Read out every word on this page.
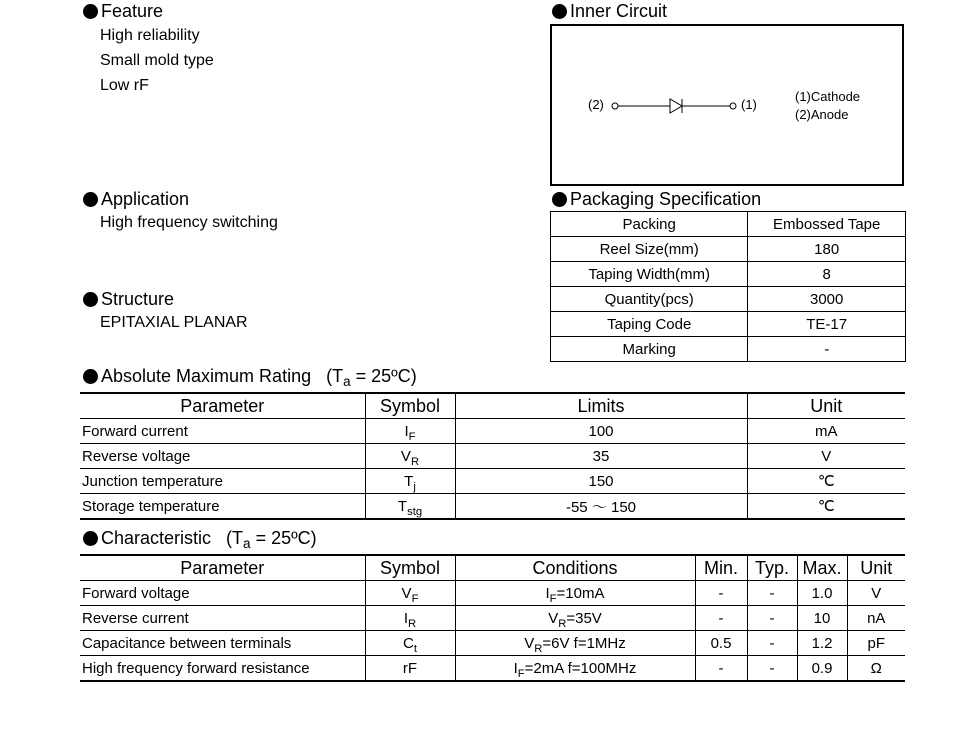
Feature
High reliability
Small mold type
Low rF
Application
High frequency switching
Structure
EPITAXIAL PLANAR
Inner Circuit
(2)	(1)
(1)Cathode
(2)Anode
Packaging Specification
Packing	Embossed Tape
Reel Size(mm)	180
Taping Width(mm)	8
Quantity(pcs)	3000
Taping Code	TE-17
Marking	-
Absolute Maximum Rating ($T_a$ = 25ºC)
Parameter	Symbol	Limits	Unit
Forward current	$I_F$	100	mA
Reverse voltage	$V_R$	35	V
Junction temperature	$T_j$	150	℃
Storage temperature	$T_{stg}$	-55 ～ 150	℃
Characteristic ($T_a$ = 25ºC)
Parameter	Symbol	Conditions	Min.	Typ.	Max.	Unit
Forward voltage	$V_F$	$I_F=10mA$	-	-	1.0	V
Reverse current	$I_R$	$V_R=35V$	-	-	10	nA
Capacitance between terminals	$C_t$	$V_R=6V$ f=1MHz	0.5	-	1.2	pF
High frequency forward resistance	rF	$I_F=2mA$ f=100MHz	-	-	0.9	Ω
